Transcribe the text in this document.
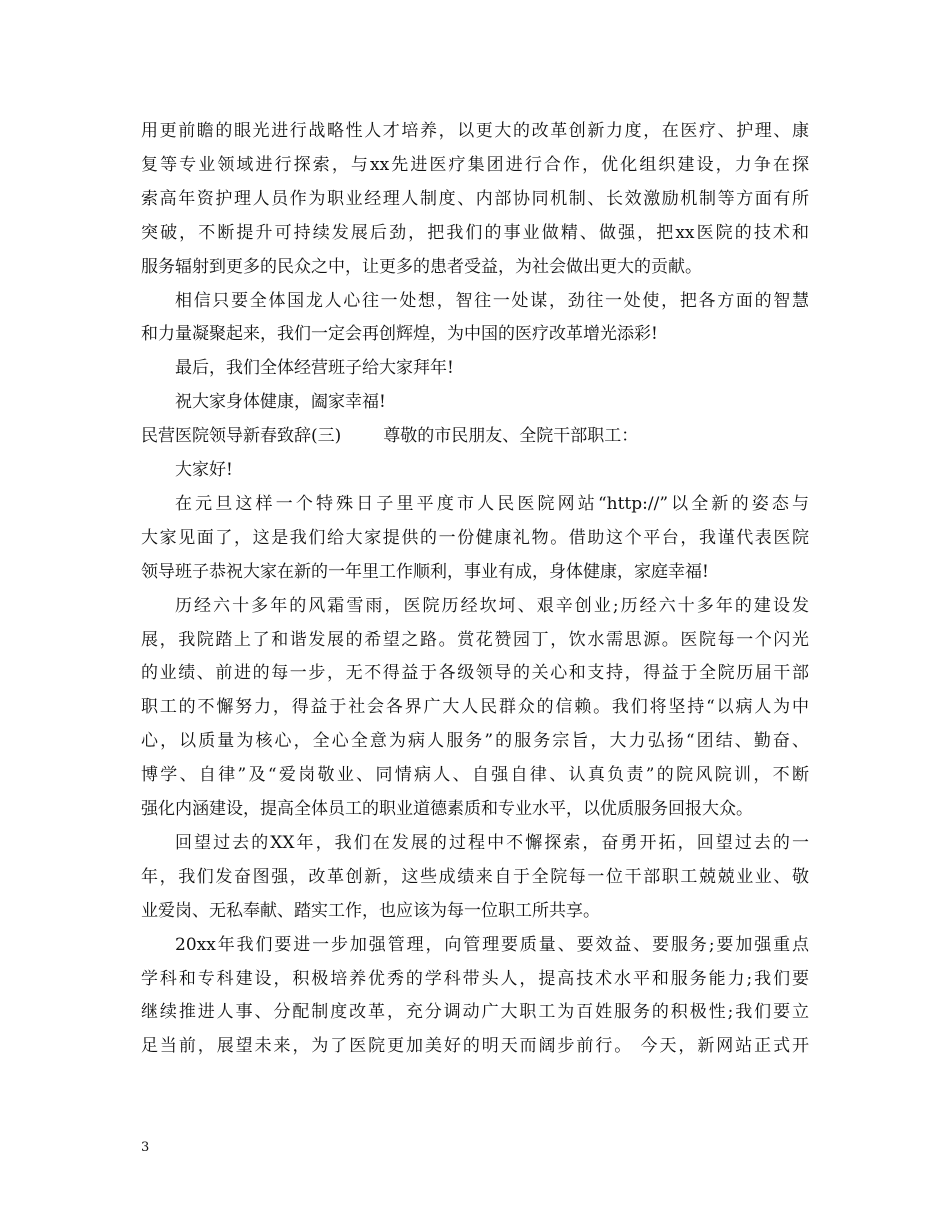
用更前瞻的眼光进行战略性人才培养，以更大的改革创新力度，在医疗、护理、康
复等专业领域进行探索，与xx先进医疗集团进行合作，优化组织建设，力争在探
索高年资护理人员作为职业经理人制度、内部协同机制、长效激励机制等方面有所
突破，不断提升可持续发展后劲，把我们的事业做精、做强，把xx医院的技术和
服务辐射到更多的民众之中，让更多的患者受益，为社会做出更大的贡献。
相信只要全体国龙人心往一处想，智往一处谋，劲往一处使，把各方面的智慧
和力量凝聚起来，我们一定会再创辉煌，为中国的医疗改革增光添彩!
最后，我们全体经营班子给大家拜年!
祝大家身体健康，阖家幸福!
民营医院领导新春致辞(三) 尊敬的市民朋友、全院干部职工：
大家好!
在元旦这样一个特殊日子里平度市人民医院网站“http://”以全新的姿态与
大家见面了，这是我们给大家提供的一份健康礼物。借助这个平台，我谨代表医院
领导班子恭祝大家在新的一年里工作顺利，事业有成，身体健康，家庭幸福!
历经六十多年的风霜雪雨，医院历经坎坷、艰辛创业;历经六十多年的建设发
展，我院踏上了和谐发展的希望之路。赏花赞园丁，饮水需思源。医院每一个闪光
的业绩、前进的每一步，无不得益于各级领导的关心和支持，得益于全院历届干部
职工的不懈努力，得益于社会各界广大人民群众的信赖。我们将坚持“以病人为中
心，以质量为核心，全心全意为病人服务”的服务宗旨，大力弘扬“团结、勤奋、
博学、自律”及“爱岗敬业、同情病人、自强自律、认真负责”的院风院训，不断
强化内涵建设，提高全体员工的职业道德素质和专业水平，以优质服务回报大众。
回望过去的XX年，我们在发展的过程中不懈探索，奋勇开拓，回望过去的一
年，我们发奋图强，改革创新，这些成绩来自于全院每一位干部职工兢兢业业、敬
业爱岗、无私奉献、踏实工作，也应该为每一位职工所共享。
20xx年我们要进一步加强管理，向管理要质量、要效益、要服务;要加强重点
学科和专科建设，积极培养优秀的学科带头人，提高技术水平和服务能力;我们要
继续推进人事、分配制度改革，充分调动广大职工为百姓服务的积极性;我们要立
足当前，展望未来，为了医院更加美好的明天而阔步前行。 今天，新网站正式开
3
